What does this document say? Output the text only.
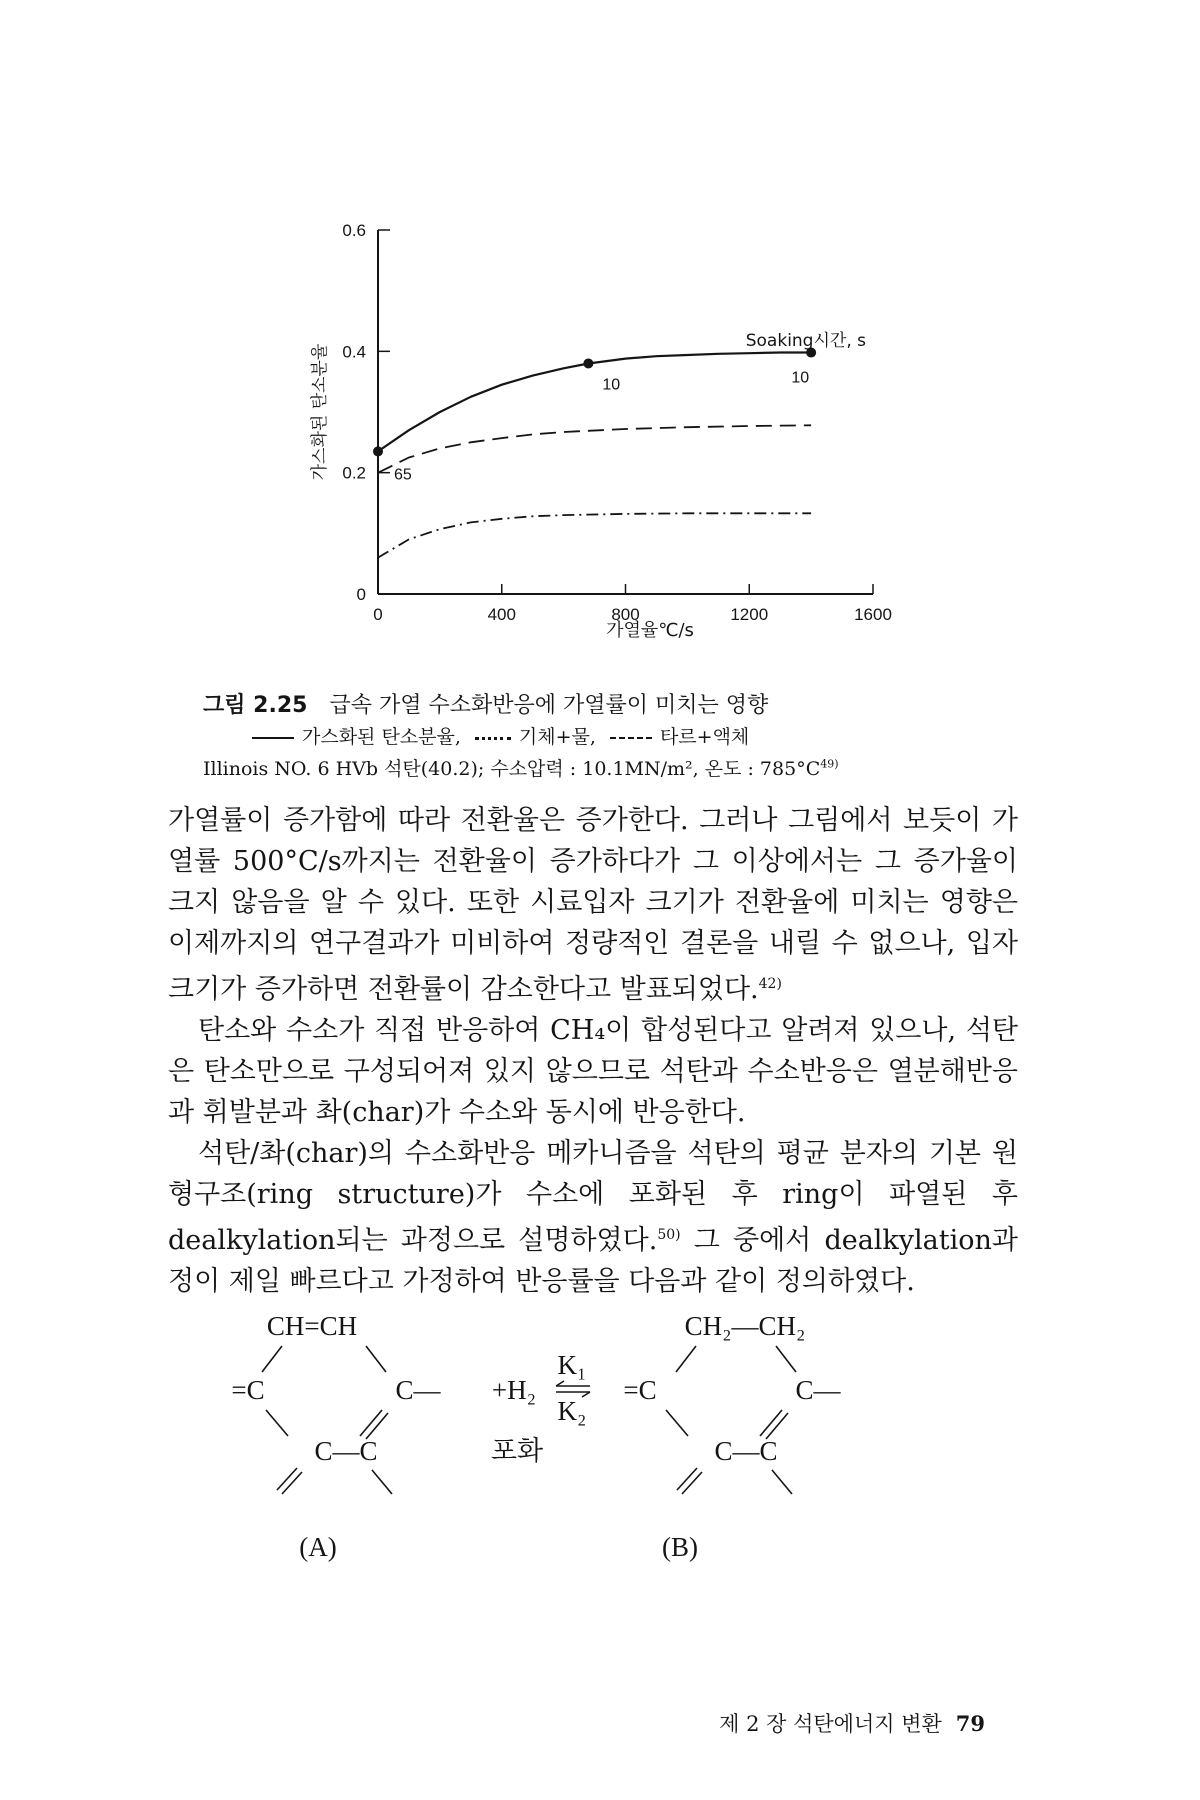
0	400	800	1200	1600
0
0.2
0.4
0.6
가열율℃/s
가스화된 탄소분율	65
10	10
Soaking시간, s
그림 2.25 급속 가열 수소화반응에 가열률이 미치는 영향
가스화된 탄소분율,	기체+물,	타르+액체
Illinois NO. 6 HVb 석탄(40.2); 수소압력 : 10.1MN/m², 온도 : $785^\circ C^{49)}$

가열률이 증가함에 따라 전환율은 증가한다. 그러나 그림에서 보듯이 가열률 500°C/s까지는 전환율이 증가하다가 그 이상에서는 그 증가율이 크지 않음을 알 수 있다. 또한 시료입자 크기가 전환율에 미치는 영향은 이제까지의 연구결과가 미비하여 정량적인 결론을 내릴 수 없으나, 입자크기가 증가하면 전환률이 감소한다고 발표되었다.$^{42)}$

탄소와 수소가 직접 반응하여 CH₄이 합성된다고 알려져 있으나, 석탄은 탄소만으로 구성되어져 있지 않으므로 석탄과 수소반응은 열분해반응과 휘발분과 촤(char)가 수소와 동시에 반응한다.

석탄/촤(char)의 수소화반응 메카니즘을 석탄의 평균 분자의 기본 원형구조(ring structure)가 수소에 포화된 후 ring이 파열된 후 dealkylation되는 과정으로 설명하였다.$^{50)}$ 그 중에서 dealkylation과정이 제일 빠르다고 가정하여 반응률을 다음과 같이 정의하였다.

CH=CH
=C	C—
C—C
(A)
+H₂
K₁
K₂
포화
CH₂—CH₂
=C	C—
C—C
(B)
제 2 장 석탄에너지 변환 79
